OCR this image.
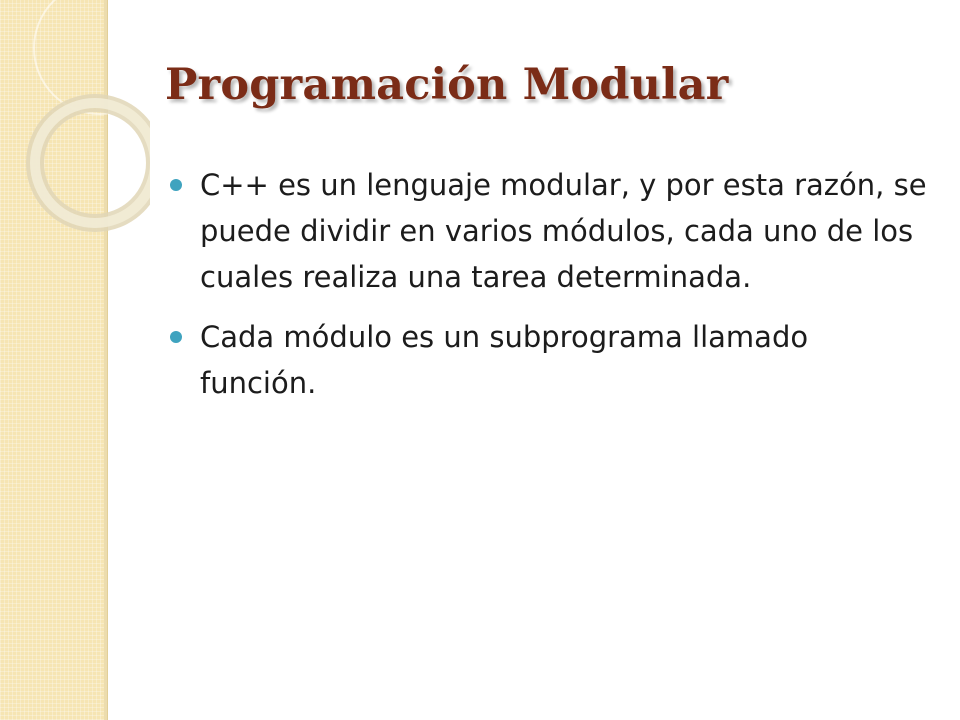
Programación Modular
C++ es un lenguaje modular, y por esta razón, se puede dividir en varios módulos, cada uno de los cuales realiza una tarea determinada.
Cada módulo es un subprograma llamado función.
